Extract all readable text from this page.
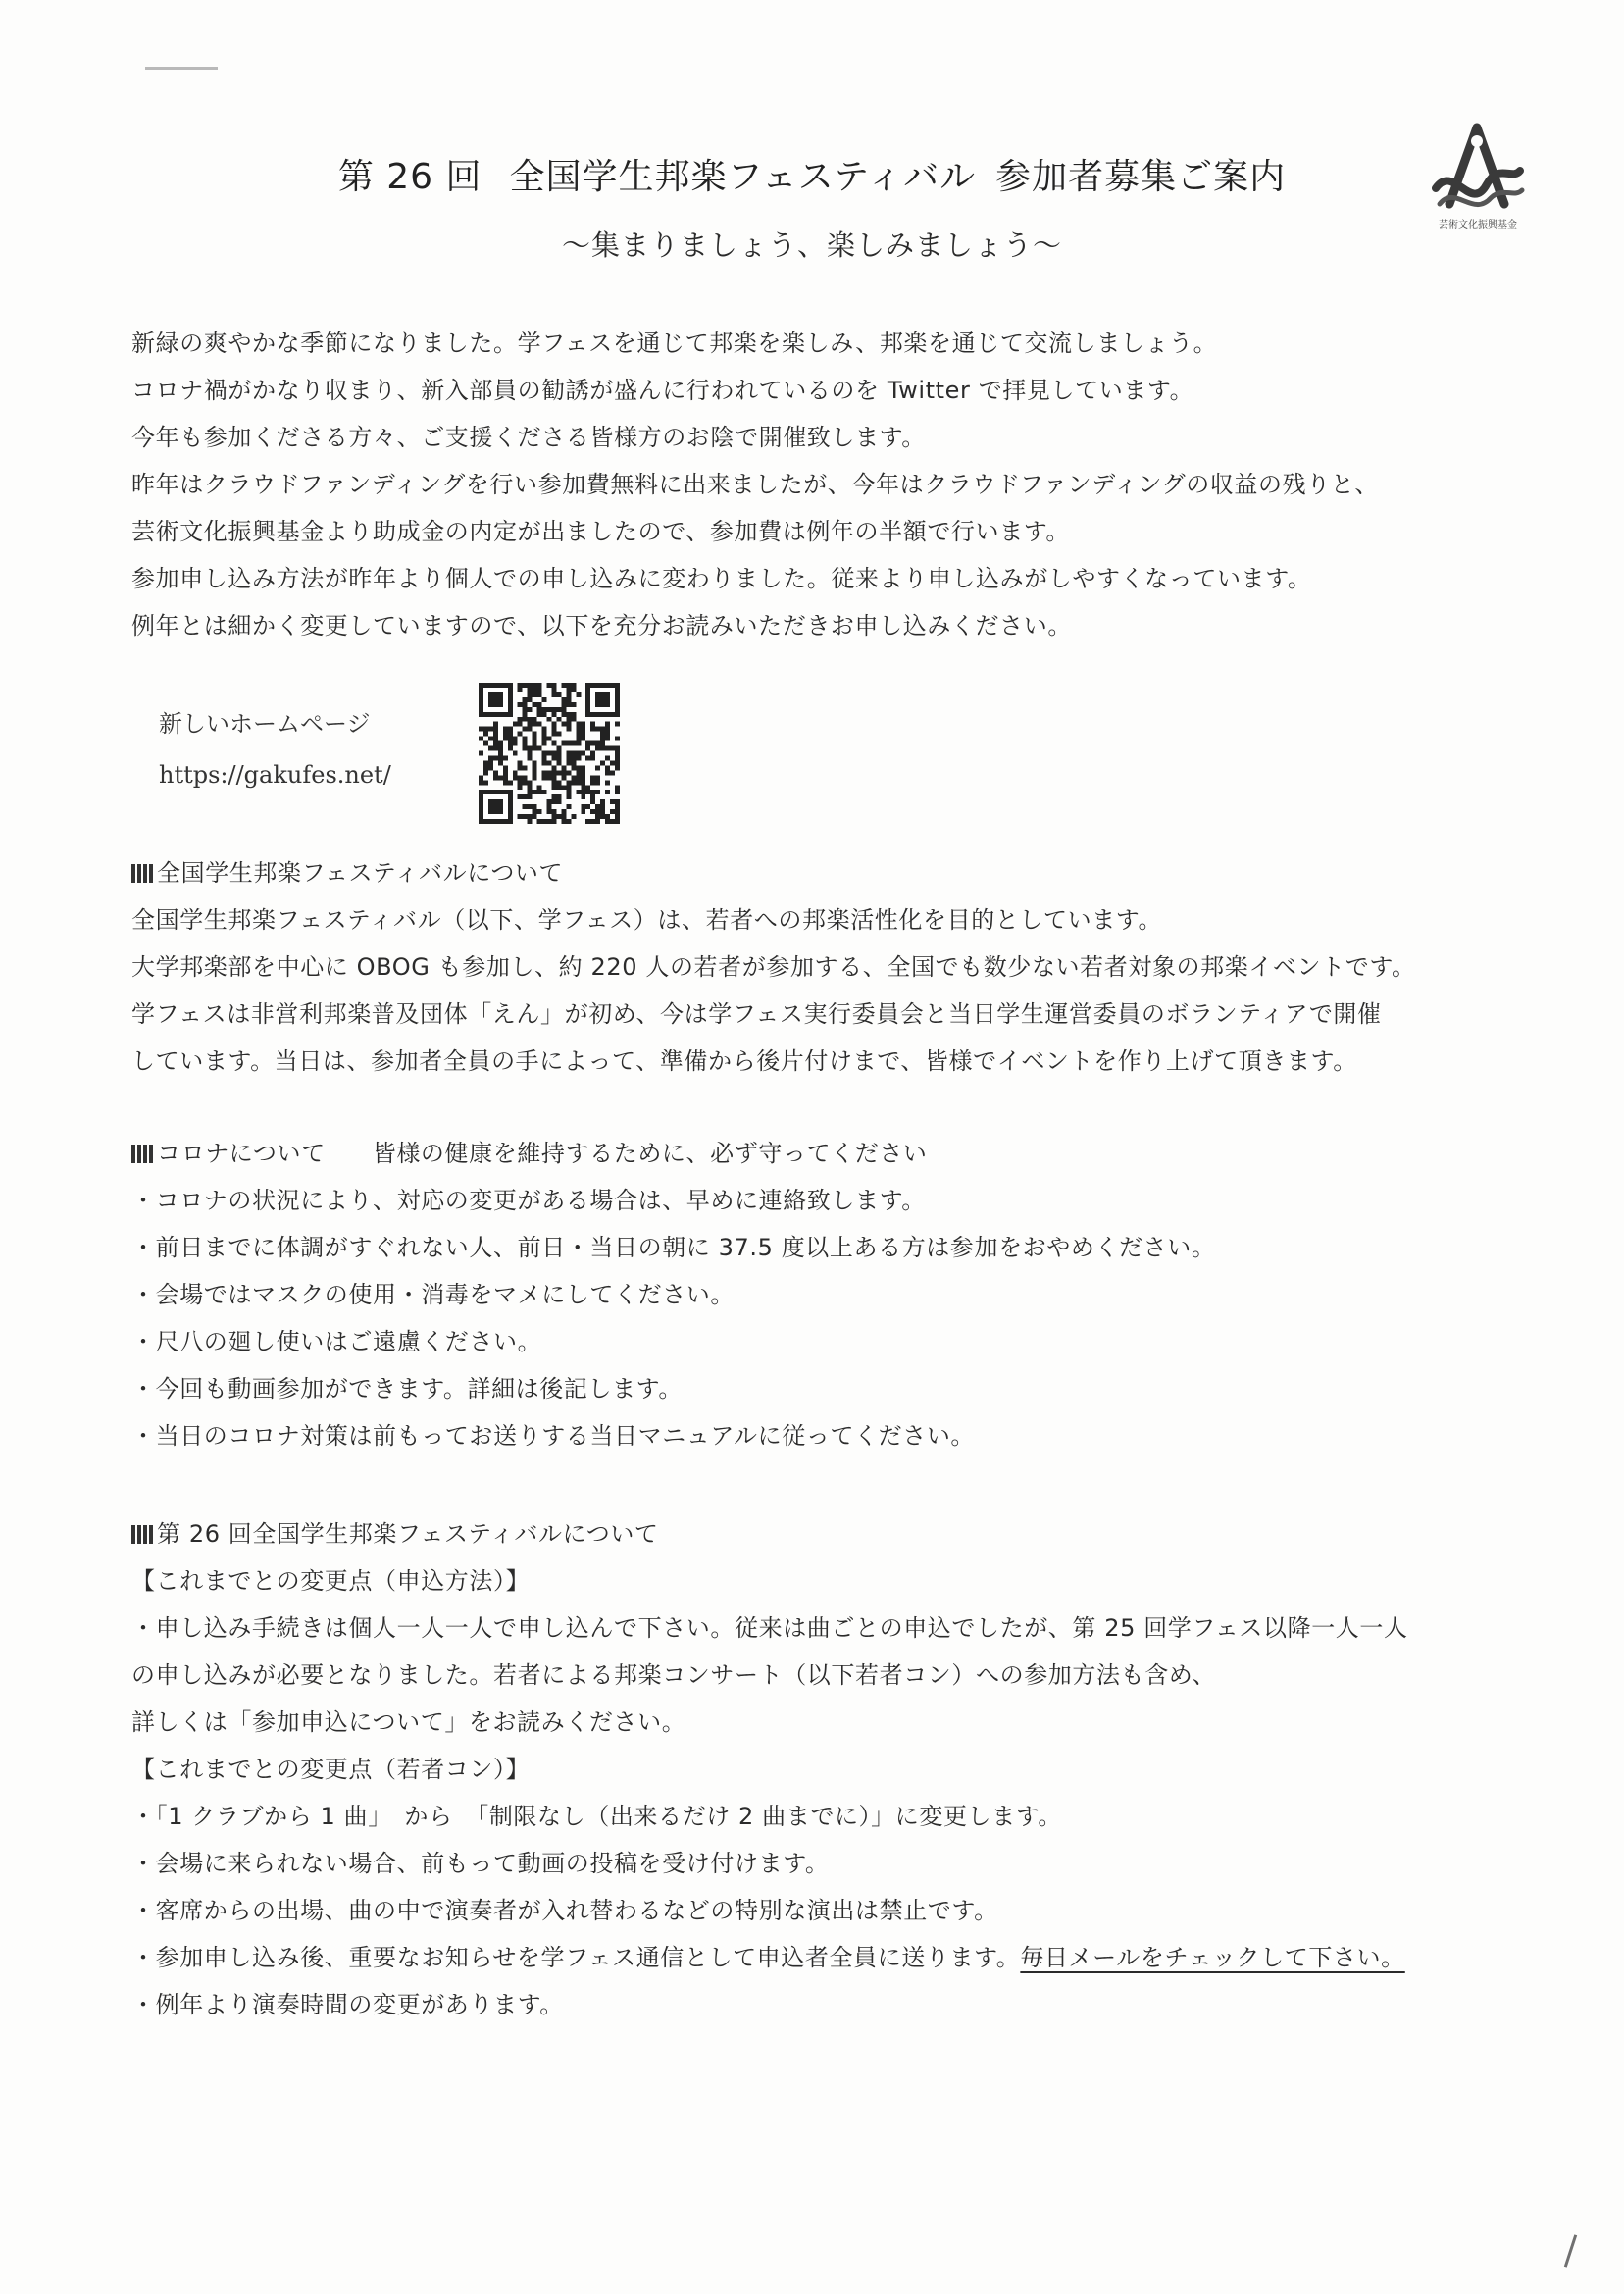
第 26 回 全国学生邦楽フェスティバル 参加者募集ご案内
〜集まりましょう、楽しみましょう〜
芸術文化振興基金
新緑の爽やかな季節になりました。学フェスを通じて邦楽を楽しみ、邦楽を通じて交流しましょう。
コロナ禍がかなり収まり、新入部員の勧誘が盛んに行われているのを Twitter で拝見しています。
今年も参加くださる方々、ご支援くださる皆様方のお陰で開催致します。
昨年はクラウドファンディングを行い参加費無料に出来ましたが、今年はクラウドファンディングの収益の残りと、
芸術文化振興基金より助成金の内定が出ましたので、参加費は例年の半額で行います。
参加申し込み方法が昨年より個人での申し込みに変わりました。従来より申し込みがしやすくなっています。
例年とは細かく変更していますので、以下を充分お読みいただきお申し込みください。
新しいホームページ
https://gakufes.net/
全国学生邦楽フェスティバルについて
全国学生邦楽フェスティバル（以下、学フェス）は、若者への邦楽活性化を目的としています。
大学邦楽部を中心に OBOG も参加し、約 220 人の若者が参加する、全国でも数少ない若者対象の邦楽イベントです。
学フェスは非営利邦楽普及団体「えん」が初め、今は学フェス実行委員会と当日学生運営委員のボランティアで開催
しています。当日は、参加者全員の手によって、準備から後片付けまで、皆様でイベントを作り上げて頂きます。
コロナについて 皆様の健康を維持するために、必ず守ってください
・コロナの状況により、対応の変更がある場合は、早めに連絡致します。
・前日までに体調がすぐれない人、前日・当日の朝に 37.5 度以上ある方は参加をおやめください。
・会場ではマスクの使用・消毒をマメにしてください。
・尺八の廻し使いはご遠慮ください。
・今回も動画参加ができます。詳細は後記します。
・当日のコロナ対策は前もってお送りする当日マニュアルに従ってください。
第 26 回全国学生邦楽フェスティバルについて
【これまでとの変更点（申込方法）】
・申し込み手続きは個人一人一人で申し込んで下さい。従来は曲ごとの申込でしたが、第 25 回学フェス以降一人一人
の申し込みが必要となりました。若者による邦楽コンサート（以下若者コン）への参加方法も含め、
詳しくは「参加申込について」をお読みください。
【これまでとの変更点（若者コン）】
・「1 クラブから 1 曲」　から　「制限なし（出来るだけ 2 曲までに）」に変更します。
・会場に来られない場合、前もって動画の投稿を受け付けます。
・客席からの出場、曲の中で演奏者が入れ替わるなどの特別な演出は禁止です。
・参加申し込み後、重要なお知らせを学フェス通信として申込者全員に送ります。毎日メールをチェックして下さい。
・例年より演奏時間の変更があります。
